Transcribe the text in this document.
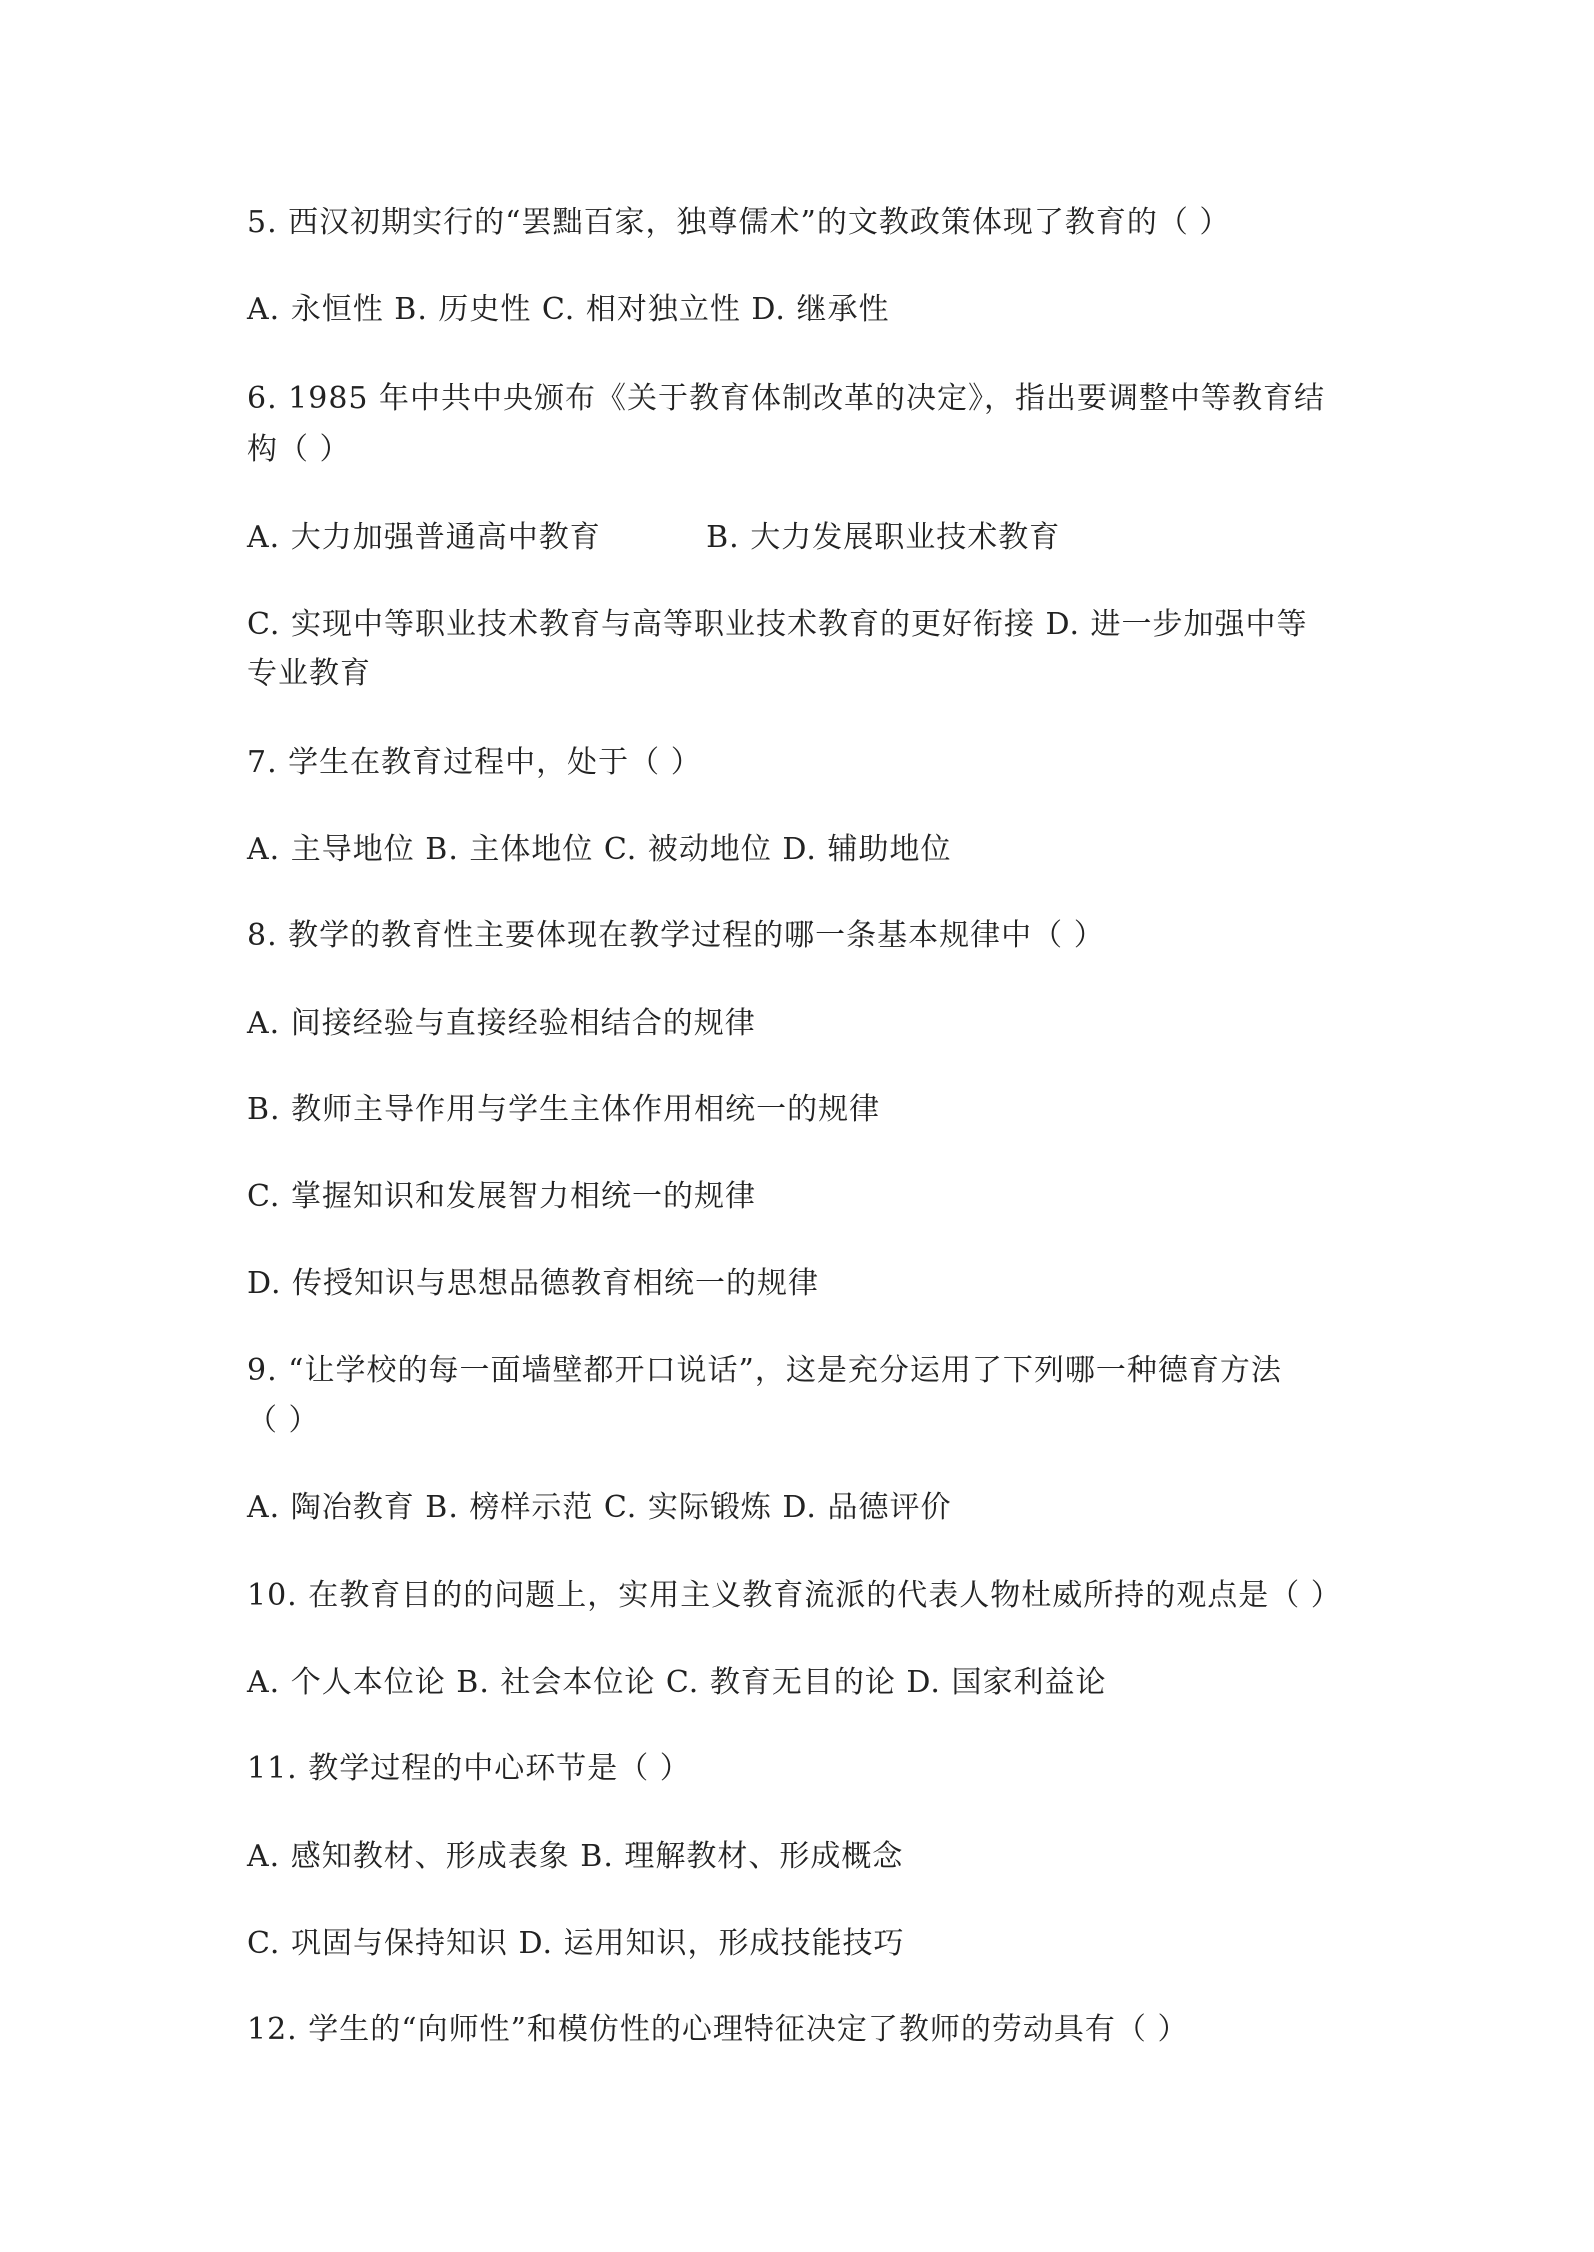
5. 西汉初期实行的“罢黜百家，独尊儒术”的文教政策体现了教育的（ ）
A. 永恒性 B. 历史性 C. 相对独立性 D. 继承性
6. 1985 年中共中央颁布《关于教育体制改革的决定》，指出要调整中等教育结
构（ ）
A. 大力加强普通高中教育          B. 大力发展职业技术教育
C. 实现中等职业技术教育与高等职业技术教育的更好衔接 D. 进一步加强中等
专业教育
7. 学生在教育过程中，处于（ ）
A. 主导地位 B. 主体地位 C. 被动地位 D. 辅助地位
8. 教学的教育性主要体现在教学过程的哪一条基本规律中（ ）
A. 间接经验与直接经验相结合的规律
B. 教师主导作用与学生主体作用相统一的规律
C. 掌握知识和发展智力相统一的规律
D. 传授知识与思想品德教育相统一的规律
9. “让学校的每一面墙壁都开口说话”，这是充分运用了下列哪一种德育方法
（ ）
A. 陶冶教育 B. 榜样示范 C. 实际锻炼 D. 品德评价
10. 在教育目的的问题上，实用主义教育流派的代表人物杜威所持的观点是（ ）
A. 个人本位论 B. 社会本位论 C. 教育无目的论 D. 国家利益论
11. 教学过程的中心环节是（ ）
A. 感知教材、形成表象 B. 理解教材、形成概念
C. 巩固与保持知识 D. 运用知识，形成技能技巧
12. 学生的“向师性”和模仿性的心理特征决定了教师的劳动具有（ ）
